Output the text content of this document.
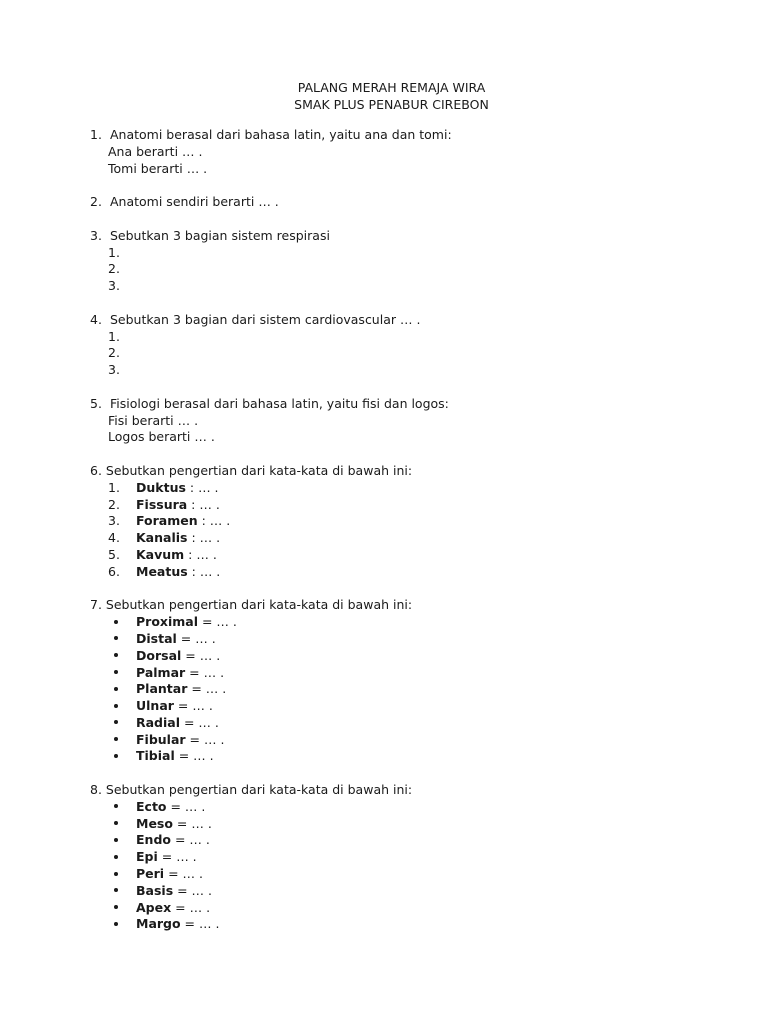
PALANG MERAH REMAJA WIRA
SMAK PLUS PENABUR CIREBON
1. Anatomi berasal dari bahasa latin, yaitu ana dan tomi:
Ana berarti … .
Tomi berarti … .
2. Anatomi sendiri berarti … .
3. Sebutkan 3 bagian sistem respirasi
1.
2.
3.
4. Sebutkan 3 bagian dari sistem cardiovascular … .
1.
2.
3.
5. Fisiologi berasal dari bahasa latin, yaitu fisi dan logos:
Fisi berarti … .
Logos berarti … .
6. Sebutkan pengertian dari kata-kata di bawah ini:
1.	Duktus : … .
2.	Fissura : … .
3.	Foramen : … .
4.	Kanalis : … .
5.	Kavum : … .
6.	Meatus : … .
7. Sebutkan pengertian dari kata-kata di bawah ini:
Proximal = … .
Distal = … .
Dorsal = … .
Palmar = … .
Plantar = … .
Ulnar = … .
Radial = … .
Fibular = … .
Tibial = … .
8. Sebutkan pengertian dari kata-kata di bawah ini:
Ecto = … .
Meso = … .
Endo = … .
Epi = … .
Peri = … .
Basis = … .
Apex = … .
Margo = … .
